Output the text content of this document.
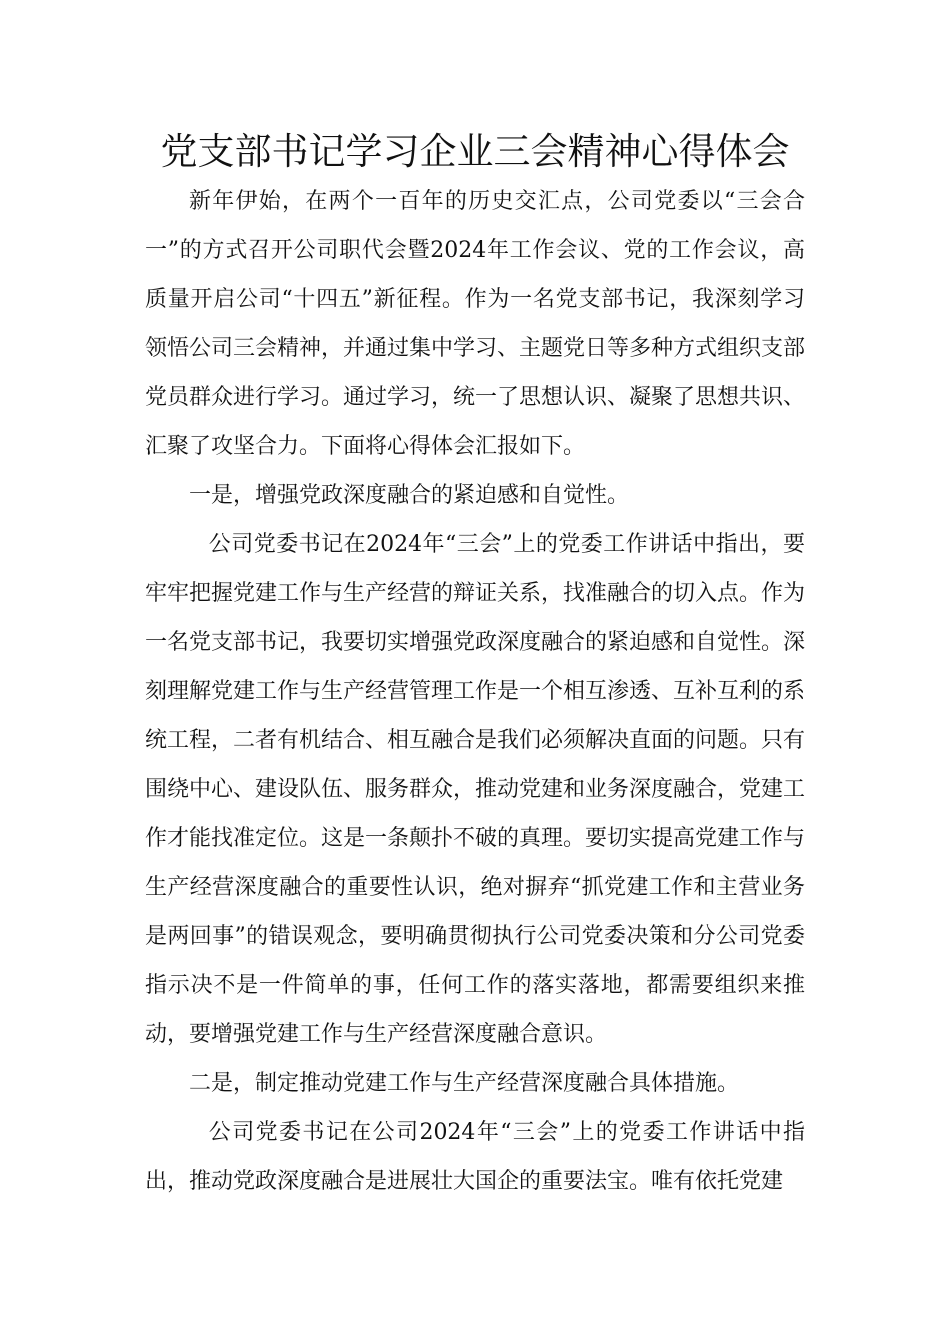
党支部书记学习企业三会精神心得体会

新年伊始，在两个一百年的历史交汇点，公司党委以“三会合一”的方式召开公司职代会暨2024年工作会议、党的工作会议，高质量开启公司“十四五”新征程。作为一名党支部书记，我深刻学习领悟公司三会精神，并通过集中学习、主题党日等多种方式组织支部党员群众进行学习。通过学习，统一了思想认识、凝聚了思想共识、汇聚了攻坚合力。下面将心得体会汇报如下。

一是，增强党政深度融合的紧迫感和自觉性。

公司党委书记在2024年“三会”上的党委工作讲话中指出，要牢牢把握党建工作与生产经营的辩证关系，找准融合的切入点。作为一名党支部书记，我要切实增强党政深度融合的紧迫感和自觉性。深刻理解党建工作与生产经营管理工作是一个相互渗透、互补互利的系统工程，二者有机结合、相互融合是我们必须解决直面的问题。只有围绕中心、建设队伍、服务群众，推动党建和业务深度融合，党建工作才能找准定位。这是一条颠扑不破的真理。要切实提高党建工作与生产经营深度融合的重要性认识，绝对摒弃“抓党建工作和主营业务是两回事”的错误观念，要明确贯彻执行公司党委决策和分公司党委指示决不是一件简单的事，任何工作的落实落地，都需要组织来推动，要增强党建工作与生产经营深度融合意识。

二是，制定推动党建工作与生产经营深度融合具体措施。

公司党委书记在公司2024年“三会”上的党委工作讲话中指出，推动党政深度融合是进展壮大国企的重要法宝。唯有依托党建
